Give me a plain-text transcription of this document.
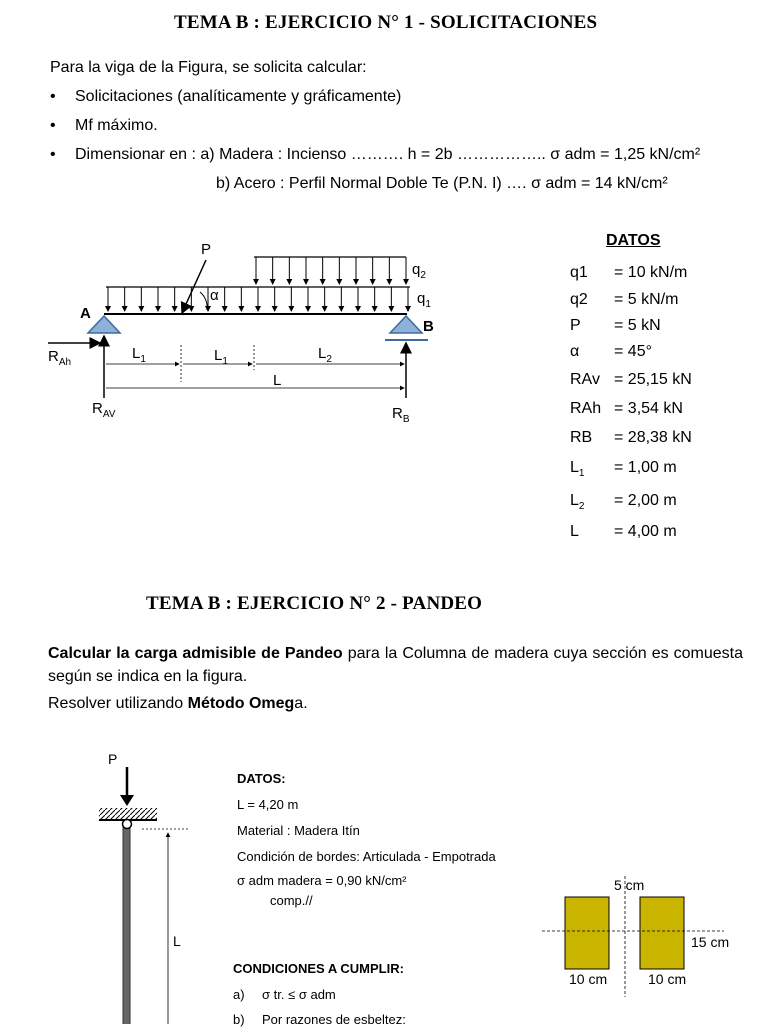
TEMA B : EJERCICIO N° 1 - SOLICITACIONES
Para la viga de la Figura, se solicita calcular:
• Solicitaciones (analíticamente y gráficamente)
• Mf máximo.
• Dimensionar en : a) Madera : Incienso ………. h = 2b …………….. σ adm = 1,25 kN/cm²
b) Acero : Perfil Normal Doble Te (P.N. I) …. σ adm = 14 kN/cm²
P
α
$q_2$
$q_1$
A
B
$R_{Ah}$
$R_{AV}$	$R_B$
$L_1$	$L_1$	$L_2$
L
DATOS
q1 = 10 kN/m
q2 = 5 kN/m
P = 5 kN
α = 45°
RAv = 25,15 kN
RAh = 3,54 kN
RB = 28,38 kN
$L_1 = 1,00$ m
$L_2 = 2,00$ m
L = 4,00 m
TEMA B : EJERCICIO N° 2 - PANDEO
Calcular la carga admisible de Pandeo para la Columna de madera cuya sección es comuesta según se indica en la figura.
Resolver utilizando Método Omega.
P
L
DATOS:
L = 4,20 m
Material : Madera Itín
Condición de bordes: Articulada - Empotrada
σ adm madera = 0,90 kN/cm²
comp.//
CONDICIONES A CUMPLIR:
a) σ tr. ≤ σ adm
b) Por razones de esbeltez:
5 cm
15 cm
10 cm	10 cm
